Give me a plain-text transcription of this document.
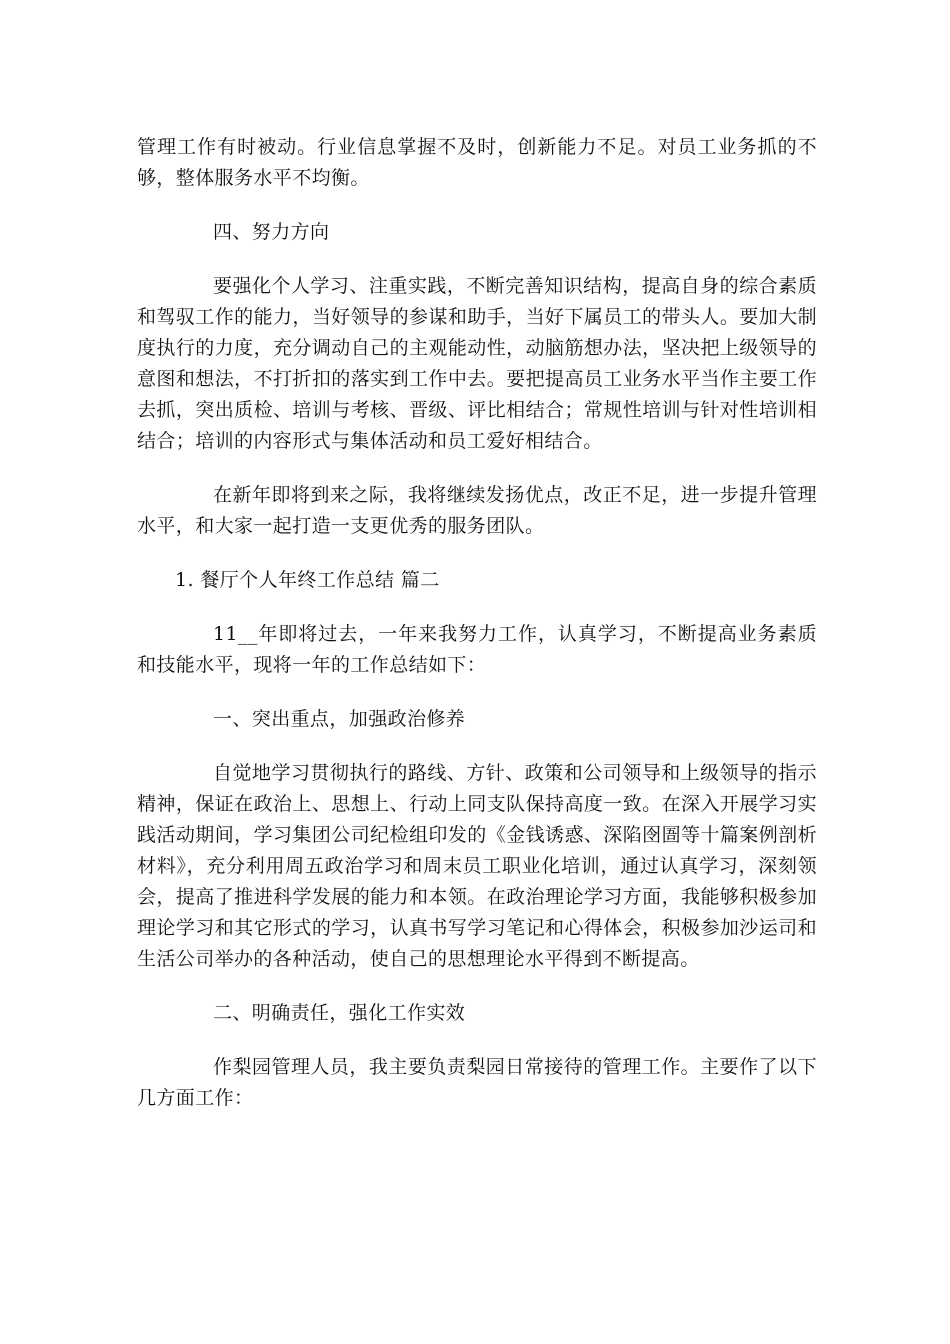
管理工作有时被动。行业信息掌握不及时，创新能力不足。对员工业务抓的不够，整体服务水平不均衡。

四、努力方向

要强化个人学习、注重实践，不断完善知识结构，提高自身的综合素质和驾驭工作的能力，当好领导的参谋和助手，当好下属员工的带头人。要加大制度执行的力度，充分调动自己的主观能动性，动脑筋想办法，坚决把上级领导的意图和想法，不打折扣的落实到工作中去。要把提高员工业务水平当作主要工作去抓，突出质检、培训与考核、晋级、评比相结合；常规性培训与针对性培训相结合；培训的内容形式与集体活动和员工爱好相结合。

在新年即将到来之际，我将继续发扬优点，改正不足，进一步提升管理水平，和大家一起打造一支更优秀的服务团队。

1. 餐厅个人年终工作总结 篇二

11__年即将过去，一年来我努力工作，认真学习，不断提高业务素质和技能水平，现将一年的工作总结如下：

一、突出重点，加强政治修养

自觉地学习贯彻执行的路线、方针、政策和公司领导和上级领导的指示精神，保证在政治上、思想上、行动上同支队保持高度一致。在深入开展学习实践活动期间，学习集团公司纪检组印发的《金钱诱惑、深陷囹圄等十篇案例剖析材料》，充分利用周五政治学习和周末员工职业化培训，通过认真学习，深刻领会，提高了推进科学发展的能力和本领。在政治理论学习方面，我能够积极参加理论学习和其它形式的学习，认真书写学习笔记和心得体会，积极参加沙运司和生活公司举办的各种活动，使自己的思想理论水平得到不断提高。

二、明确责任，强化工作实效

作梨园管理人员，我主要负责梨园日常接待的管理工作。主要作了以下几方面工作：
